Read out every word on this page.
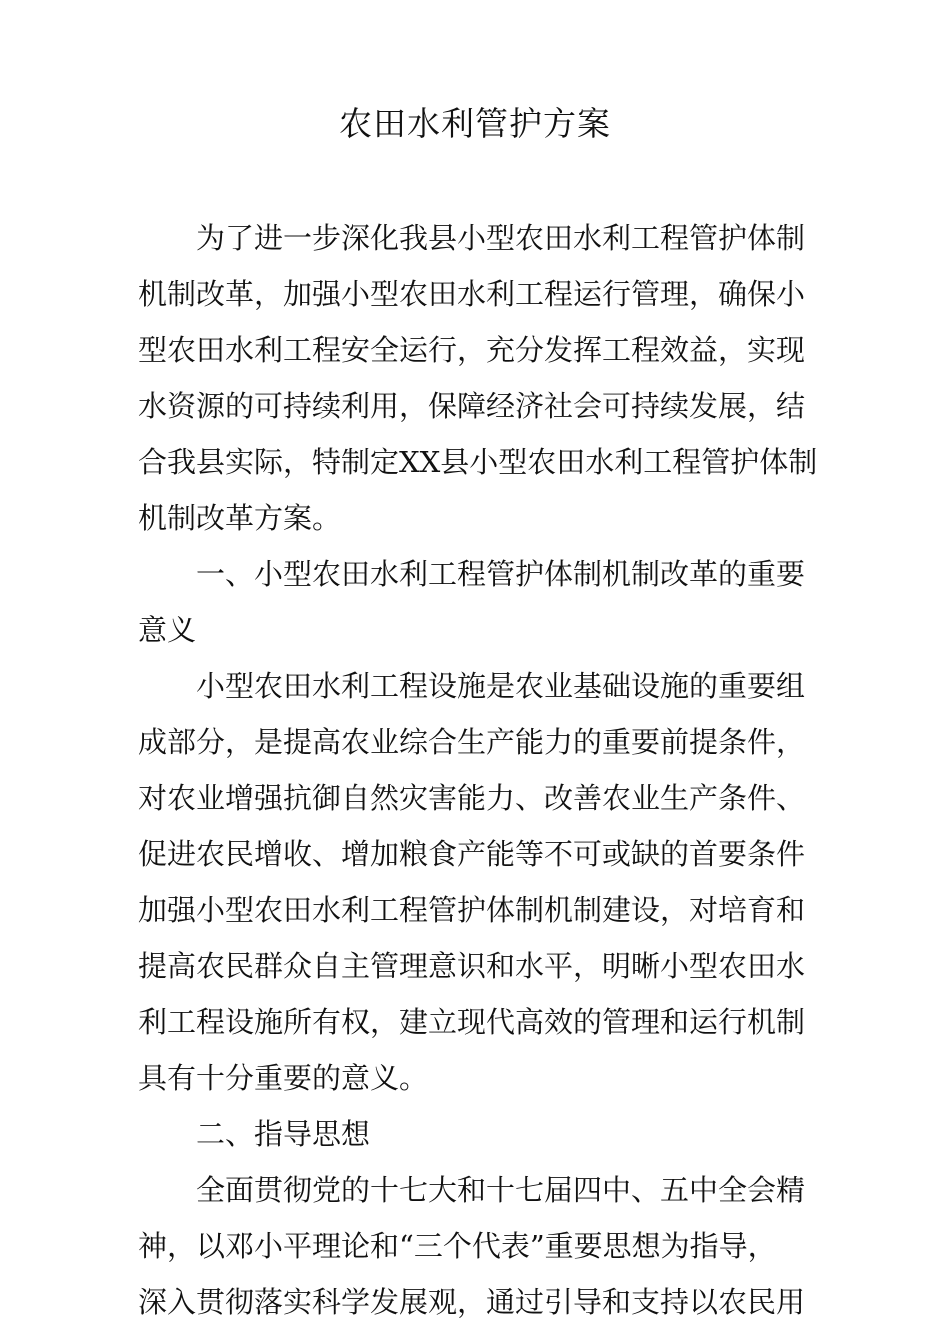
农田水利管护方案
为了进一步深化我县小型农田水利工程管护体制
机制改革，加强小型农田水利工程运行管理，确保小
型农田水利工程安全运行，充分发挥工程效益，实现
水资源的可持续利用，保障经济社会可持续发展，结
合我县实际，特制定XX县小型农田水利工程管护体制
机制改革方案。
一、小型农田水利工程管护体制机制改革的重要
意义
小型农田水利工程设施是农业基础设施的重要组
成部分，是提高农业综合生产能力的重要前提条件，
对农业增强抗御自然灾害能力、改善农业生产条件、
促进农民增收、增加粮食产能等不可或缺的首要条件
加强小型农田水利工程管护体制机制建设，对培育和
提高农民群众自主管理意识和水平，明晰小型农田水
利工程设施所有权，建立现代高效的管理和运行机制
具有十分重要的意义。
二、指导思想
全面贯彻党的十七大和十七届四中、五中全会精
神，以邓小平理论和“三个代表”重要思想为指导，
深入贯彻落实科学发展观，通过引导和支持以农民用
